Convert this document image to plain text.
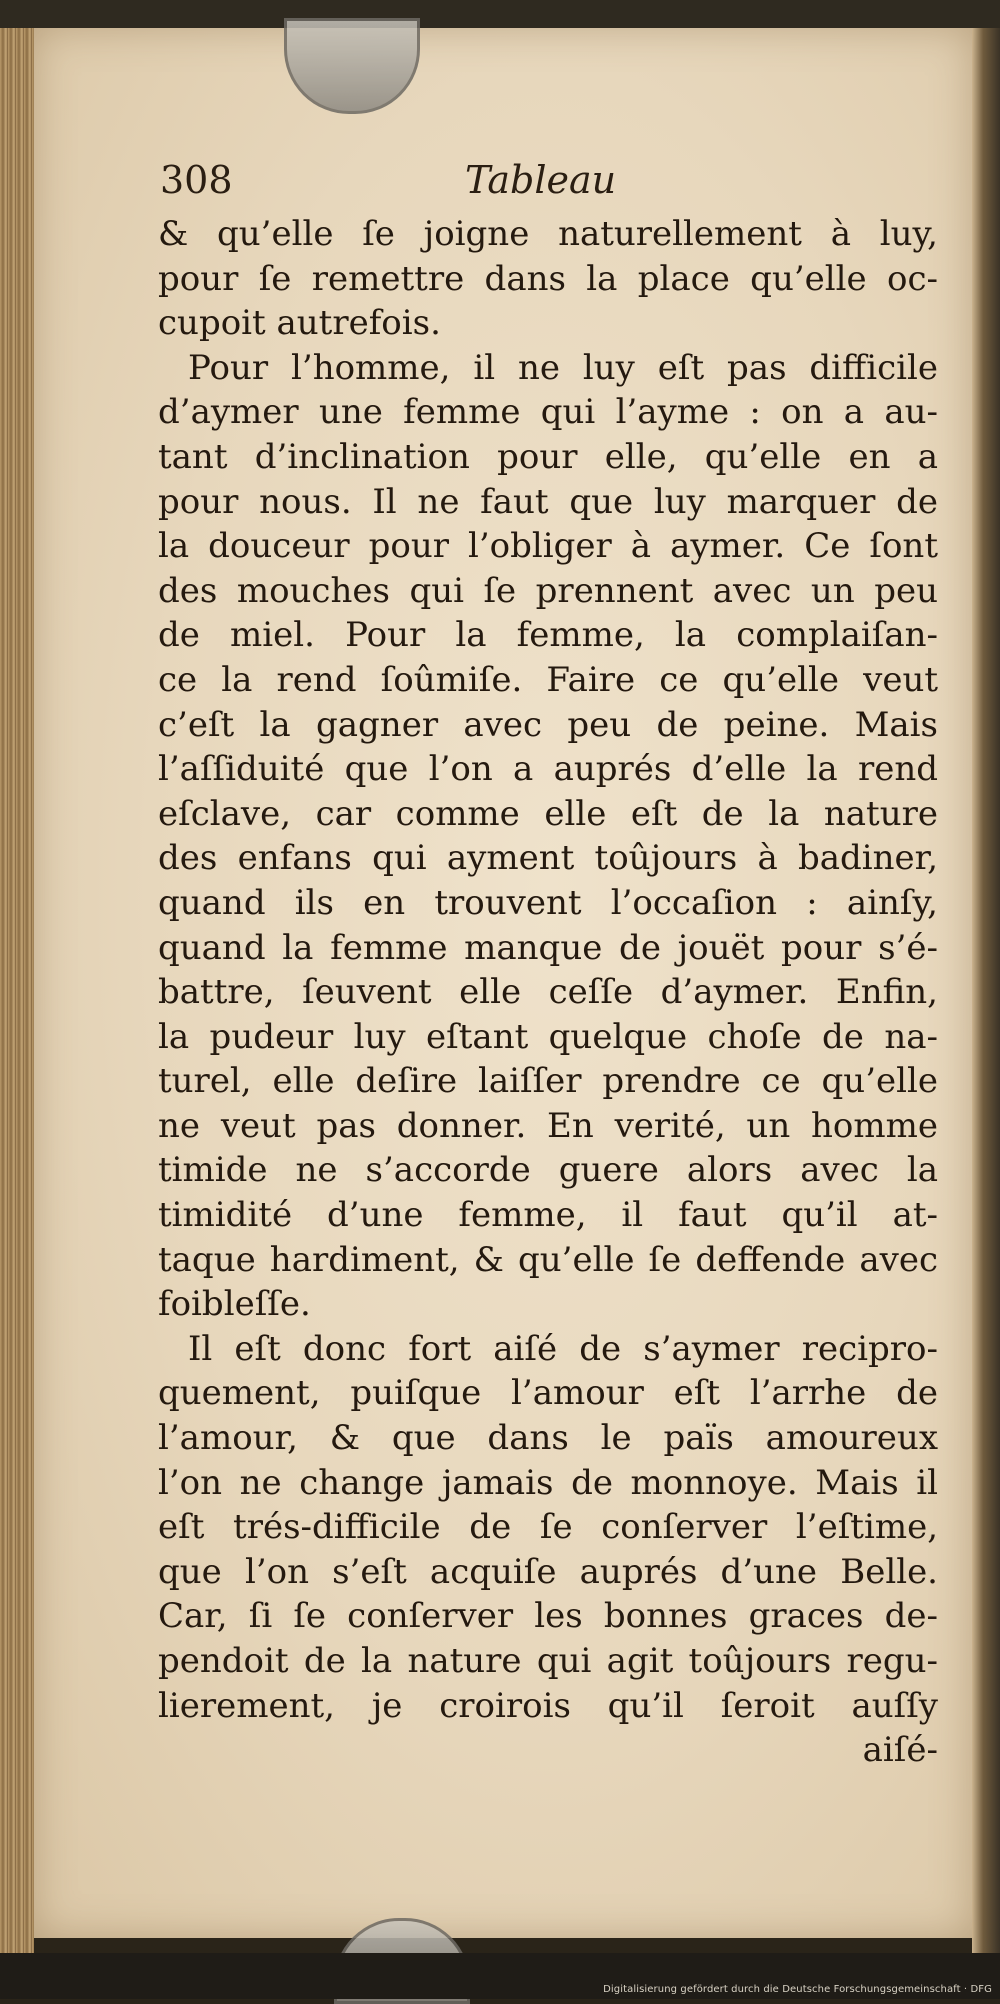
308	Tableau
& qu’elle ſe joigne naturellement à luy,
pour ſe remettre dans la place qu’elle oc-
cupoit autrefois.
Pour l’homme, il ne luy eſt pas difficile
d’aymer une femme qui l’ayme : on a au-
tant d’inclination pour elle, qu’elle en a
pour nous. Il ne faut que luy marquer de
la douceur pour l’obliger à aymer. Ce ſont
des mouches qui ſe prennent avec un peu
de miel. Pour la femme, la complaiſan-
ce la rend ſoûmiſe. Faire ce qu’elle veut
c’eſt la gagner avec peu de peine. Mais
l’aſſiduité que l’on a auprés d’elle la rend
eſclave, car comme elle eſt de la nature
des enfans qui ayment toûjours à badiner,
quand ils en trouvent l’occaſion : ainſy,
quand la femme manque de jouët pour s’é-
battre, ſeuvent elle ceſſe d’aymer. Enfin,
la pudeur luy eſtant quelque choſe de na-
turel, elle deſire laiſſer prendre ce qu’elle
ne veut pas donner. En verité, un homme
timide ne s’accorde guere alors avec la
timidité d’une femme, il faut qu’il at-
taque hardiment, & qu’elle ſe deffende avec
foibleſſe.
Il eſt donc fort aiſé de s’aymer recipro-
quement, puiſque l’amour eſt l’arrhe de
l’amour, & que dans le païs amoureux
l’on ne change jamais de monnoye. Mais il
eſt trés-difficile de ſe conſerver l’eſtime,
que l’on s’eſt acquiſe auprés d’une Belle.
Car, ſi ſe conſerver les bonnes graces de-
pendoit de la nature qui agit toûjours regu-
lierement, je croirois qu’il ſeroit auſſy
aiſé-
Digitalisierung gefördert durch die Deutsche Forschungsgemeinschaft · DFG
